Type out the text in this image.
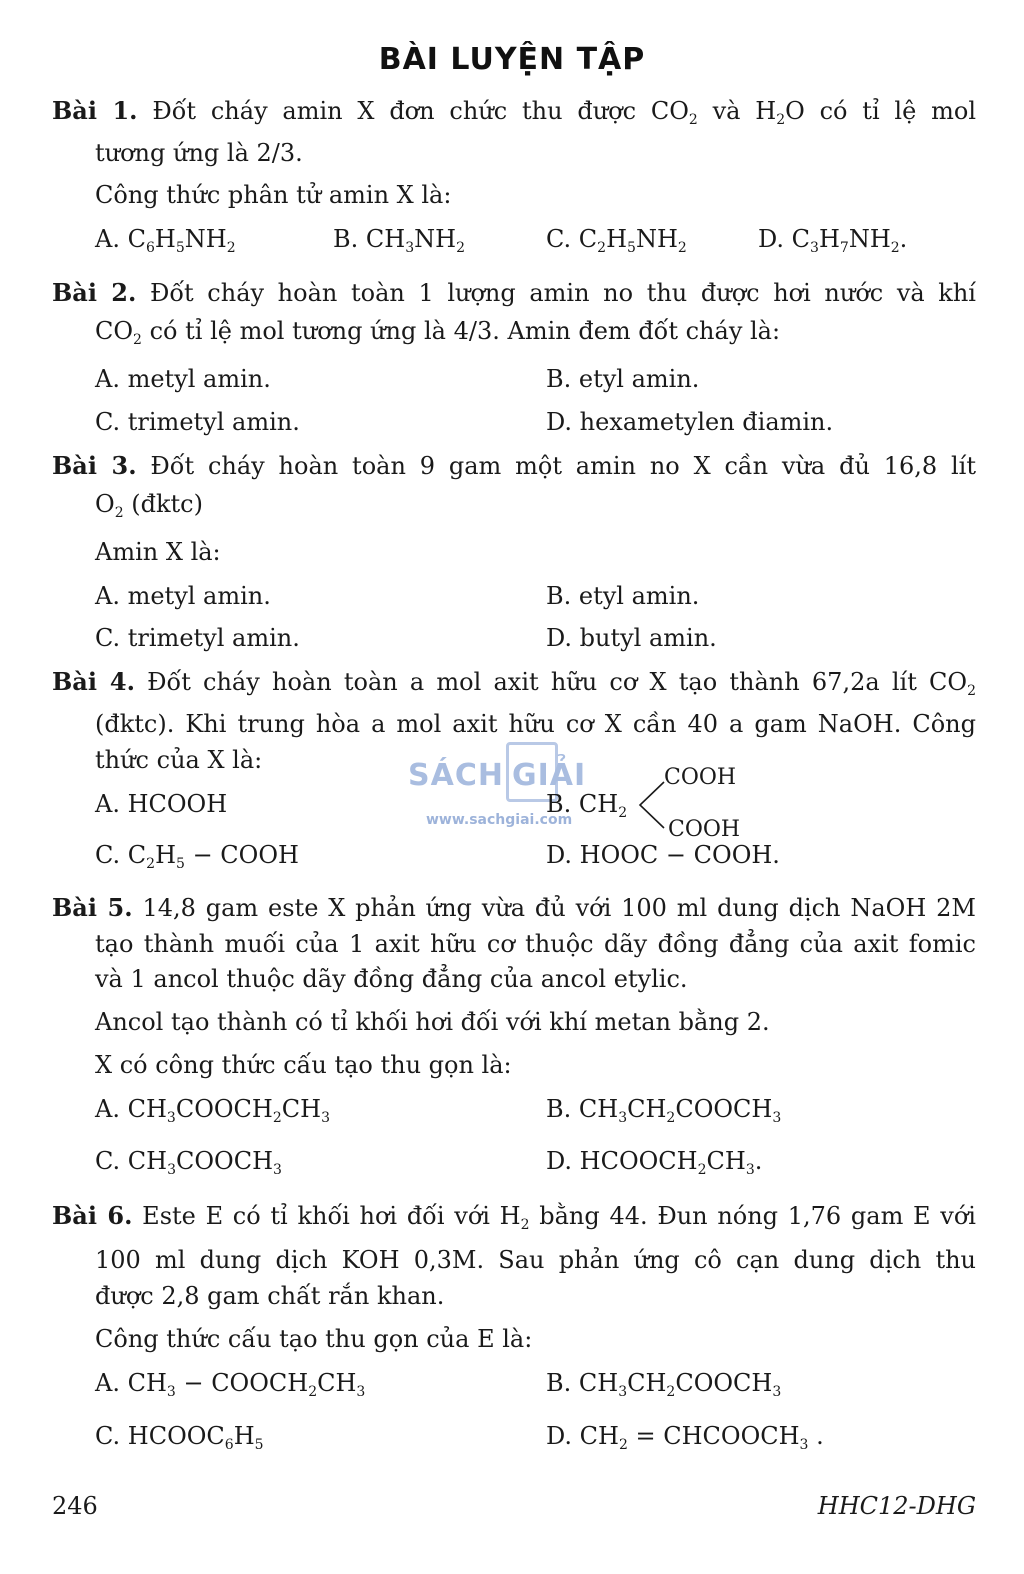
BÀI LUYỆN TẬP
Bài 1. Đốt cháy amin X đơn chức thu được $CO_2$ và $H_2O$ có tỉ lệ mol
tương ứng là 2/3.
Công thức phân tử amin X là:
A. $C_6H_5NH_2$	B. $CH_3NH_2$	C. $C_2H_5NH_2$	D. $C_3H_7NH_2$.
Bài 2. Đốt cháy hoàn toàn 1 lượng amin no thu được hơi nước và khí
$CO_2$ có tỉ lệ mol tương ứng là 4/3. Amin đem đốt cháy là:
A. metyl amin.	B. etyl amin.
C. trimetyl amin.	D. hexametylen điamin.
Bài 3. Đốt cháy hoàn toàn 9 gam một amin no X cần vừa đủ 16,8 lít
$O_2$ (đktc)
Amin X là:
A. metyl amin.	B. etyl amin.
C. trimetyl amin.	D. butyl amin.
Bài 4. Đốt cháy hoàn toàn a mol axit hữu cơ X tạo thành 67,2a lít $CO_2$
(đktc). Khi trung hòa a mol axit hữu cơ X cần 40 a gam NaOH. Công
thức của X là:	SÁCH GIẢI
www.sachgiai.com
A. HCOOH	B. $CH_2$
COOH
COOH
C. $C_2H_5$ − COOH	D. HOOC − COOH.
Bài 5. 14,8 gam este X phản ứng vừa đủ với 100 ml dung dịch NaOH 2M
tạo thành muối của 1 axit hữu cơ thuộc dãy đồng đẳng của axit fomic
và 1 ancol thuộc dãy đồng đẳng của ancol etylic.
Ancol tạo thành có tỉ khối hơi đối với khí metan bằng 2.
X có công thức cấu tạo thu gọn là:
A. $CH_3COOCH_2CH_3$	B. $CH_3CH_2COOCH_3$
C. $CH_3COOCH_3$	D. $HCOOCH_2CH_3$.
Bài 6. Este E có tỉ khối hơi đối với $H_2$ bằng 44. Đun nóng 1,76 gam E với
100 ml dung dịch KOH 0,3M. Sau phản ứng cô cạn dung dịch thu
được 2,8 gam chất rắn khan.
Công thức cấu tạo thu gọn của E là:
A. $CH_3$ − $COOCH_2CH_3$	B. $CH_3CH_2COOCH_3$
C. $HCOOC_6H_5$	D. $CH_2$ = $CHCOOCH_3$ .
246	HHC12-DHG
